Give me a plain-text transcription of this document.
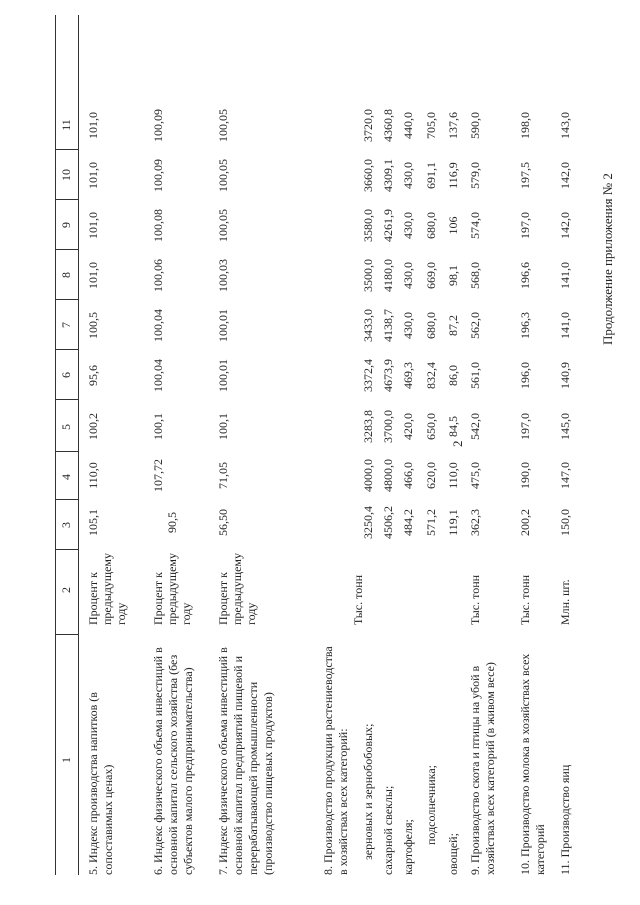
2
Продолжение приложения № 2
1
2
3
4
5
6
7
8
9
10
11
5. Индекс производства напитков (в сопоставимых ценах)
Процент к предыдущему году
105,1
110,0
100,2
95,6
100,5
101,0
101,0
101,0
101,0
6. Индекс физического объема инвестиций в основной капитал сельского хозяйства (без субъектов малого предпринимательства)
Процент к предыдущему году
90,5
107,72
100,1
100,04
100,04
100,06
100,08
100,09
100,09
7. Индекс физического объема инвестиций в основной капитал предприятий пищевой и перерабатывающей промышленности (производство пищевых продуктов)
Процент к предыдущему году
56,50
71,05
100,1
100,01
100,01
100,03
100,05
100,05
100,05
8. Производство продукции растениеводства в хозяйствах всех категорий:
Тыс. тонн
зерновых и зернобобовых;
3250,4
4000,0
3283,8
3372,4
3433,0
3500,0
3580,0
3660,0
3720,0
сахарной свеклы;
4506,2
4800,0
3700,0
4673,9
4138,7
4180,0
4261,9
4309,1
4360,8
картофеля;
484,2
466,0
420,0
469,3
430,0
430,0
430,0
430,0
440,0
подсолнечника;
571,2
620,0
650,0
832,4
680,0
669,0
680,0
691,1
705,0
овощей;
119,1
110,0
84,5
86,0
87,2
98,1
106
116,9
137,6
9. Производство скота и птицы на убой в хозяйствах всех категорий (в живом весе)
Тыс. тонн
362,3
475,0
542,0
561,0
562,0
568,0
574,0
579,0
590,0
10. Производство молока в хозяйствах всех категорий
Тыс. тонн
200,2
190,0
197,0
196,0
196,3
196,6
197,0
197,5
198,0
11. Производство яиц
Млн. шт.
150,0
147,0
145,0
140,9
141,0
141,0
142,0
142,0
143,0
